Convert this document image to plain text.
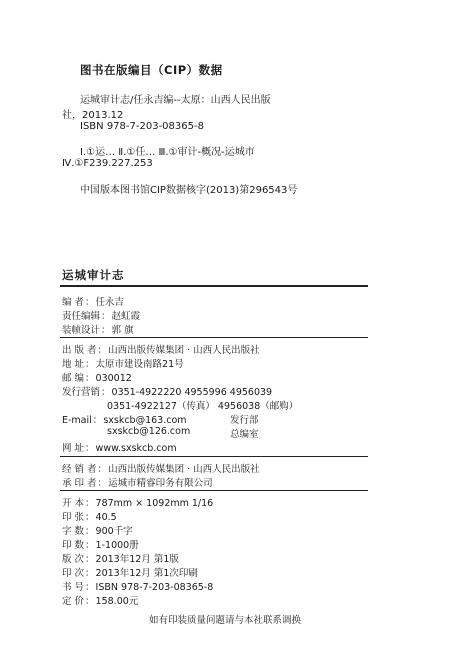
图书在版编目（CIP）数据
运城审计志/任永吉编--太原：山西人民出版
社，2013.12
ISBN 978-7-203-08365-8
Ⅰ.①运… Ⅱ.①任… Ⅲ.①审计-概况-运城市
Ⅳ.①F239.227.253
中国版本图书馆CIP数据核字(2013)第296543号
运城审计志
编 者：任永吉
责任编辑：赵虹霞
装帧设计：郭 旗
出 版 者：山西出版传媒集团 · 山西人民出版社
地 址：太原市建设南路21号
邮 编：030012
发行营销：0351-4922220 4955996 4956039
0351-4922127（传真） 4956038（邮购）
E-mail：sxskcb@163.com	发行部
sxskcb@126.com	总编室
网 址：www.sxskcb.com
经 销 者：山西出版传媒集团 · 山西人民出版社
承 印 者：运城市精睿印务有限公司
开 本：787mm × 1092mm 1/16
印 张：40.5
字 数：900千字
印 数：1-1000册
版 次：2013年12月 第1版
印 次：2013年12月 第1次印刷
书 号：ISBN 978-7-203-08365-8
定 价：158.00元
如有印装质量问题请与本社联系调换
